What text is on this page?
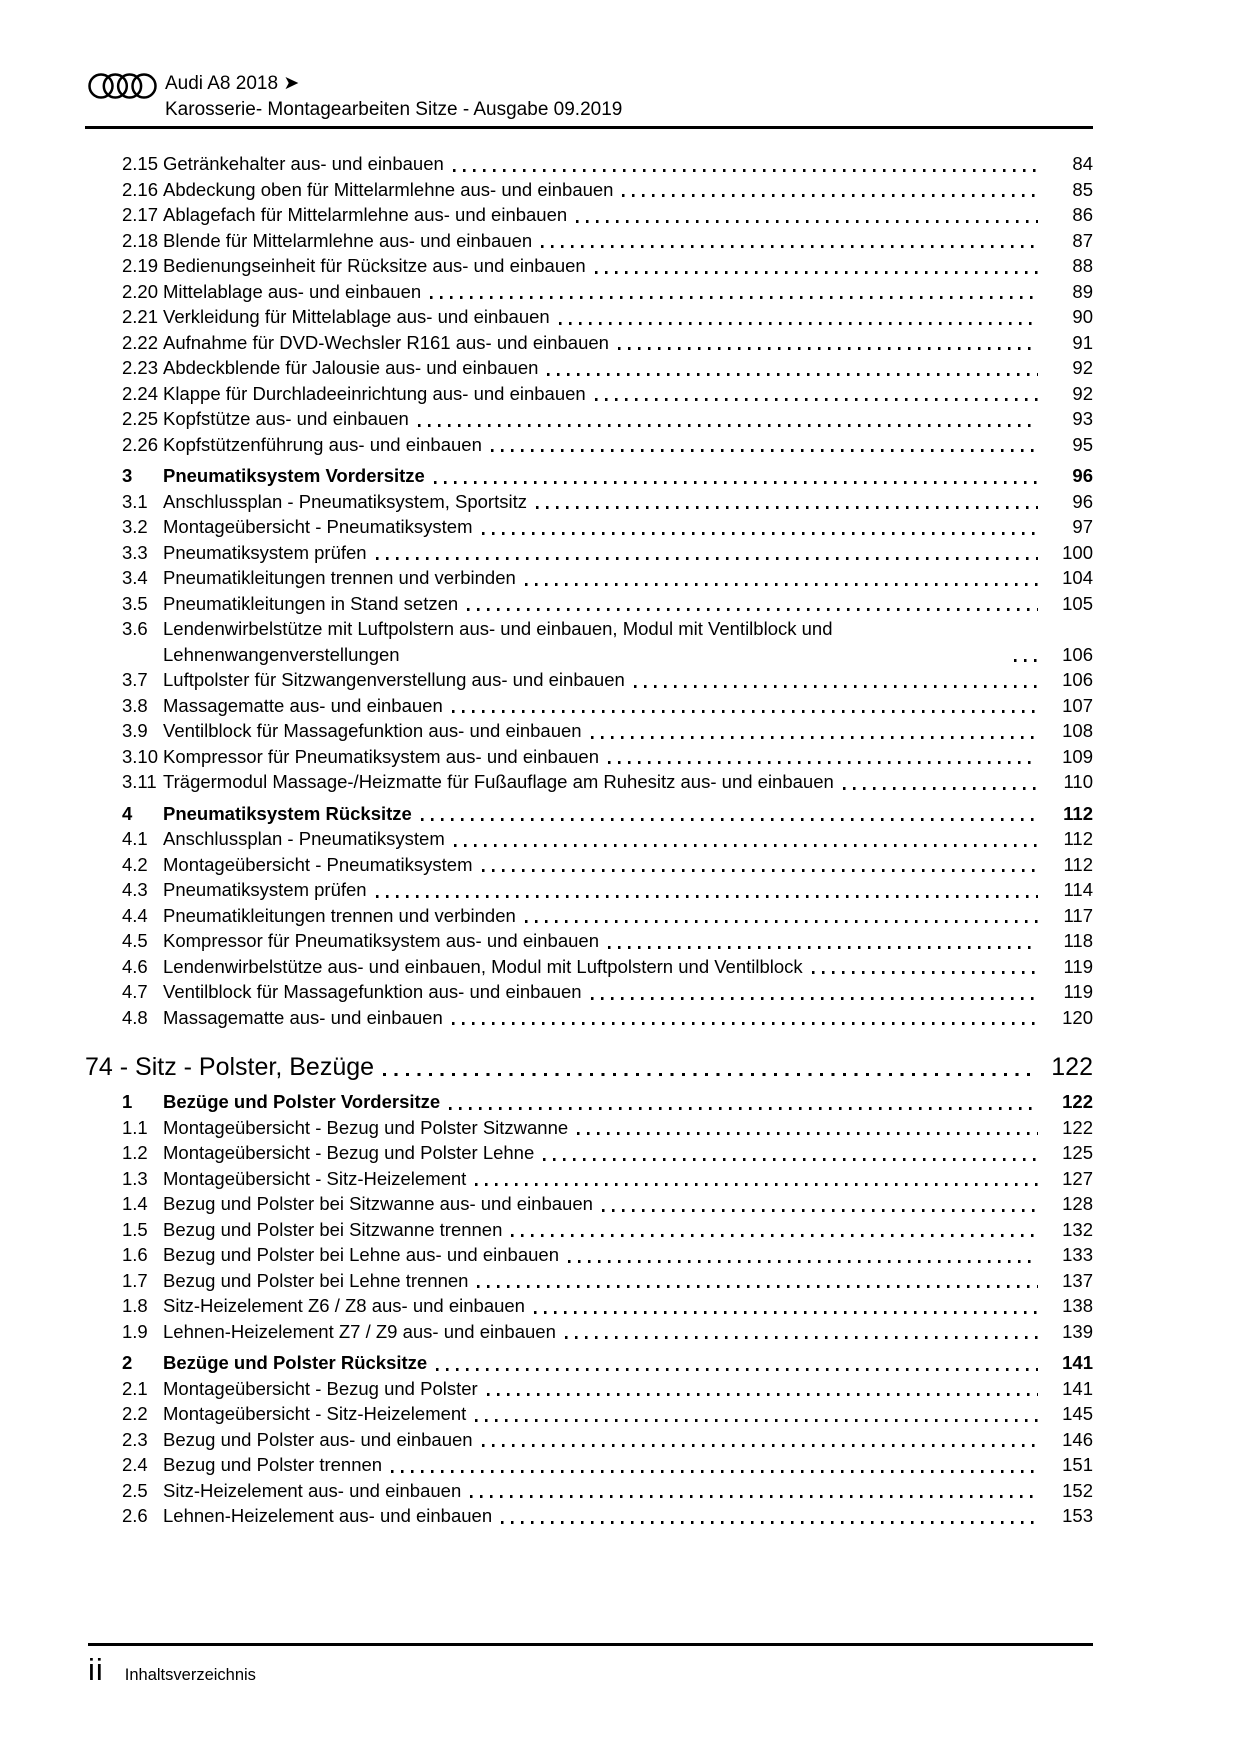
Audi A8 2018 ➤
Karosserie- Montagearbeiten Sitze - Ausgabe 09.2019
2.15 Getränkehalter aus- und einbauen	84
2.16 Abdeckung oben für Mittelarmlehne aus- und einbauen	85
2.17 Ablagefach für Mittelarmlehne aus- und einbauen	86
2.18 Blende für Mittelarmlehne aus- und einbauen	87
2.19 Bedienungseinheit für Rücksitze aus- und einbauen	88
2.20 Mittelablage aus- und einbauen	89
2.21 Verkleidung für Mittelablage aus- und einbauen	90
2.22 Aufnahme für DVD-Wechsler R161 aus- und einbauen	91
2.23 Abdeckblende für Jalousie aus- und einbauen	92
2.24 Klappe für Durchladeeinrichtung aus- und einbauen	92
2.25 Kopfstütze aus- und einbauen	93
2.26 Kopfstützenführung aus- und einbauen	95
3	Pneumatiksystem Vordersitze	96
3.1 Anschlussplan - Pneumatiksystem, Sportsitz	96
3.2 Montageübersicht - Pneumatiksystem	97
3.3 Pneumatiksystem prüfen	100
3.4 Pneumatikleitungen trennen und verbinden	104
3.5 Pneumatikleitungen in Stand setzen	105
3.6 Lendenwirbelstütze mit Luftpolstern aus- und einbauen, Modul mit Ventilblock und Lehnenwangenverstellungen	106
3.7 Luftpolster für Sitzwangenverstellung aus- und einbauen	106
3.8 Massagematte aus- und einbauen	107
3.9 Ventilblock für Massagefunktion aus- und einbauen	108
3.10 Kompressor für Pneumatiksystem aus- und einbauen	109
3.11 Trägermodul Massage-/Heizmatte für Fußauflage am Ruhesitz aus- und einbauen	110
4	Pneumatiksystem Rücksitze	112
4.1 Anschlussplan - Pneumatiksystem	112
4.2 Montageübersicht - Pneumatiksystem	112
4.3 Pneumatiksystem prüfen	114
4.4 Pneumatikleitungen trennen und verbinden	117
4.5 Kompressor für Pneumatiksystem aus- und einbauen	118
4.6 Lendenwirbelstütze aus- und einbauen, Modul mit Luftpolstern und Ventilblock	119
4.7 Ventilblock für Massagefunktion aus- und einbauen	119
4.8 Massagematte aus- und einbauen	120
74 - Sitz - Polster, Bezüge	122
1	Bezüge und Polster Vordersitze	122
1.1 Montageübersicht - Bezug und Polster Sitzwanne	122
1.2 Montageübersicht - Bezug und Polster Lehne	125
1.3 Montageübersicht - Sitz-Heizelement	127
1.4 Bezug und Polster bei Sitzwanne aus- und einbauen	128
1.5 Bezug und Polster bei Sitzwanne trennen	132
1.6 Bezug und Polster bei Lehne aus- und einbauen	133
1.7 Bezug und Polster bei Lehne trennen	137
1.8 Sitz-Heizelement Z6 / Z8 aus- und einbauen	138
1.9 Lehnen-Heizelement Z7 / Z9 aus- und einbauen	139
2	Bezüge und Polster Rücksitze	141
2.1 Montageübersicht - Bezug und Polster	141
2.2 Montageübersicht - Sitz-Heizelement	145
2.3 Bezug und Polster aus- und einbauen	146
2.4 Bezug und Polster trennen	151
2.5 Sitz-Heizelement aus- und einbauen	152
2.6 Lehnen-Heizelement aus- und einbauen	153
ii Inhaltsverzeichnis
